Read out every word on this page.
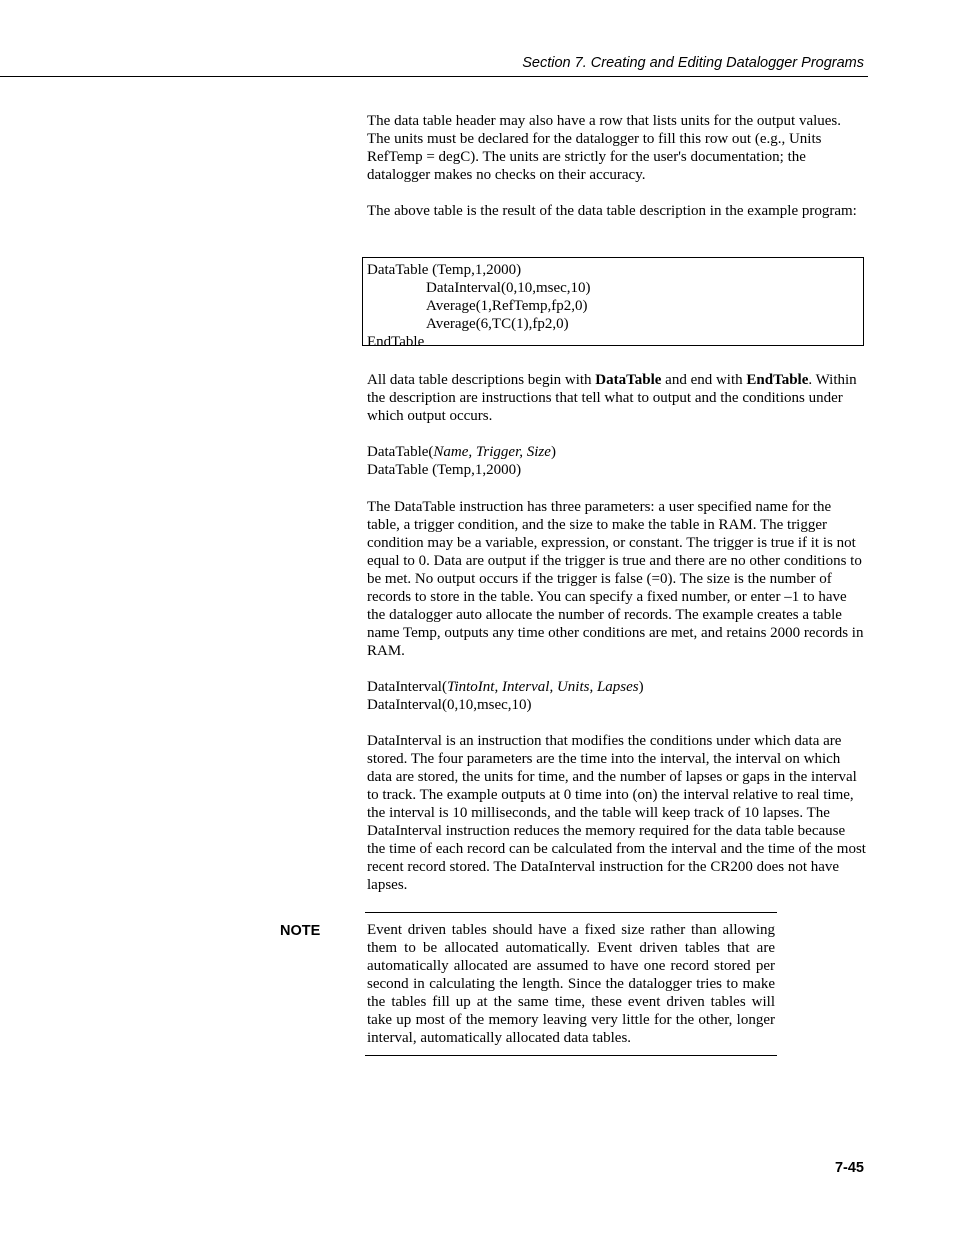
Section 7. Creating and Editing Datalogger Programs

The data table header may also have a row that lists units for the output values. The units must be declared for the datalogger to fill this row out (e.g., Units RefTemp = degC). The units are strictly for the user's documentation; the datalogger makes no checks on their accuracy.

The above table is the result of the data table description in the example program:

DataTable (Temp,1,2000)
DataInterval(0,10,msec,10)
Average(1,RefTemp,fp2,0)
Average(6,TC(1),fp2,0)
EndTable

All data table descriptions begin with DataTable and end with EndTable. Within the description are instructions that tell what to output and the conditions under which output occurs.

DataTable(Name, Trigger, Size)
DataTable (Temp,1,2000)

The DataTable instruction has three parameters: a user specified name for the table, a trigger condition, and the size to make the table in RAM. The trigger condition may be a variable, expression, or constant. The trigger is true if it is not equal to 0. Data are output if the trigger is true and there are no other conditions to be met. No output occurs if the trigger is false (=0). The size is the number of records to store in the table. You can specify a fixed number, or enter –1 to have the datalogger auto allocate the number of records. The example creates a table name Temp, outputs any time other conditions are met, and retains 2000 records in RAM.

DataInterval(TintoInt, Interval, Units, Lapses)
DataInterval(0,10,msec,10)

DataInterval is an instruction that modifies the conditions under which data are stored. The four parameters are the time into the interval, the interval on which data are stored, the units for time, and the number of lapses or gaps in the interval to track. The example outputs at 0 time into (on) the interval relative to real time, the interval is 10 milliseconds, and the table will keep track of 10 lapses. The DataInterval instruction reduces the memory required for the data table because the time of each record can be calculated from the interval and the time of the most recent record stored. The DataInterval instruction for the CR200 does not have lapses.

NOTE	Event driven tables should have a fixed size rather than allowing them to be allocated automatically. Event driven tables that are automatically allocated are assumed to have one record stored per second in calculating the length. Since the datalogger tries to make the tables fill up at the same time, these event driven tables will take up most of the memory leaving very little for the other, longer interval, automatically allocated data tables.

7-45
